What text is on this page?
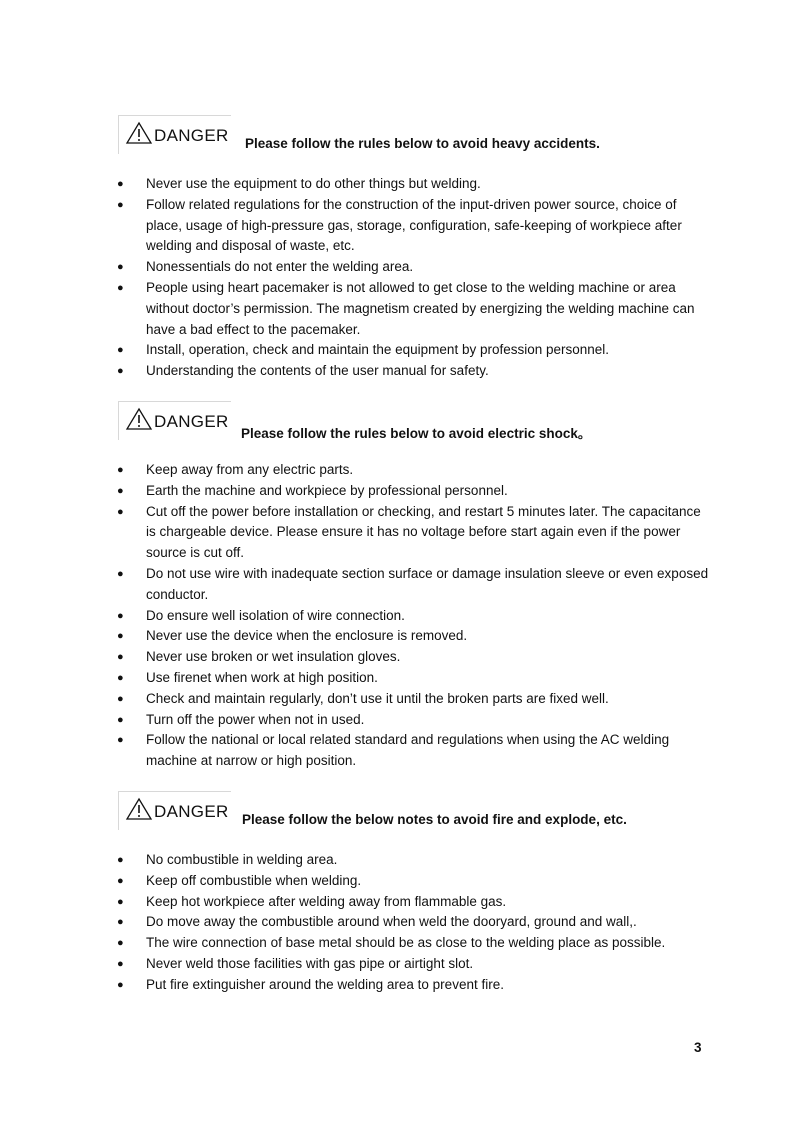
DANGER Please follow the rules below to avoid heavy accidents.
● Never use the equipment to do other things but welding.
● Follow related regulations for the construction of the input-driven power source, choice of place, usage of high-pressure gas, storage, configuration, safe-keeping of workpiece after welding and disposal of waste, etc.
● Nonessentials do not enter the welding area.
● People using heart pacemaker is not allowed to get close to the welding machine or area without doctor’s permission. The magnetism created by energizing the welding machine can have a bad effect to the pacemaker.
● Install, operation, check and maintain the equipment by profession personnel.
● Understanding the contents of the user manual for safety.
DANGER
Please follow the rules below to avoid electric shock。
● Keep away from any electric parts.
● Earth the machine and workpiece by professional personnel.
● Cut off the power before installation or checking, and restart 5 minutes later. The capacitance is chargeable device. Please ensure it has no voltage before start again even if the power source is cut off.
● Do not use wire with inadequate section surface or damage insulation sleeve or even exposed conductor.
● Do ensure well isolation of wire connection.
● Never use the device when the enclosure is removed.
● Never use broken or wet insulation gloves.
● Use firenet when work at high position.
● Check and maintain regularly, don’t use it until the broken parts are fixed well.
● Turn off the power when not in used.
● Follow the national or local related standard and regulations when using the AC welding machine at narrow or high position.
DANGER Please follow the below notes to avoid fire and explode, etc.
● No combustible in welding area.
● Keep off combustible when welding.
● Keep hot workpiece after welding away from flammable gas.
● Do move away the combustible around when weld the dooryard, ground and wall,.
● The wire connection of base metal should be as close to the welding place as possible.
● Never weld those facilities with gas pipe or airtight slot.
● Put fire extinguisher around the welding area to prevent fire.
3
